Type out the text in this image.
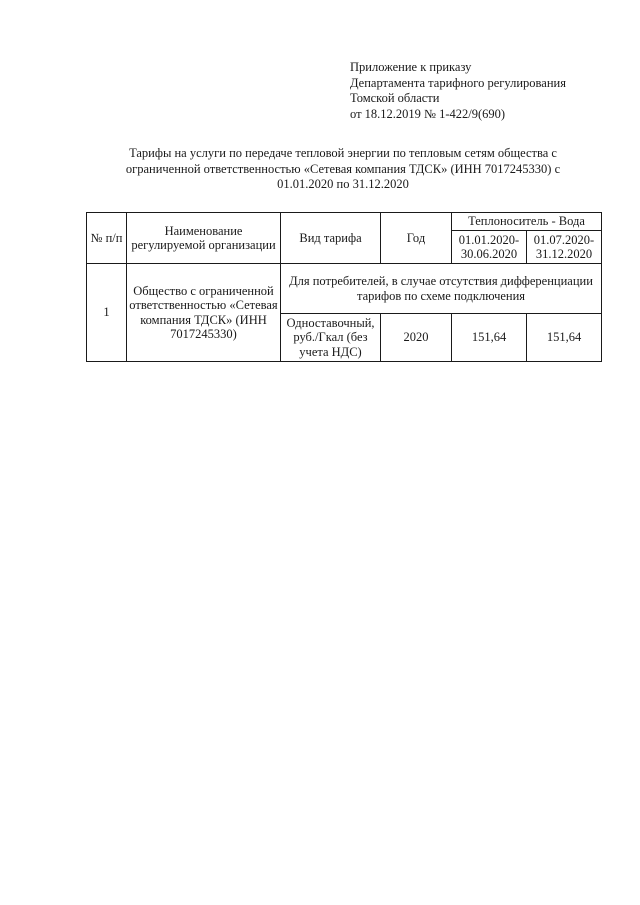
Приложение к приказу
Департамента тарифного регулирования
Томской области
от 18.12.2019 № 1-422/9(690)
Тарифы на услуги по передаче тепловой энергии по тепловым сетям общества с ограниченной ответственностью «Сетевая компания ТДСК» (ИНН 7017245330) с 01.01.2020 по 31.12.2020
№ п/п	Наименование регулируемой организации	Вид тарифа	Год	Теплоноситель - Вода	
				01.01.2020-30.06.2020	01.07.2020-31.12.2020
1	Общество с ограниченной ответственностью «Сетевая компания ТДСК» (ИНН 7017245330)	Для потребителей, в случае отсутствия дифференциации тарифов по схеме подключения			
		Одноставочный, руб./Гкал (без учета НДС)	2020	151,64	151,64
